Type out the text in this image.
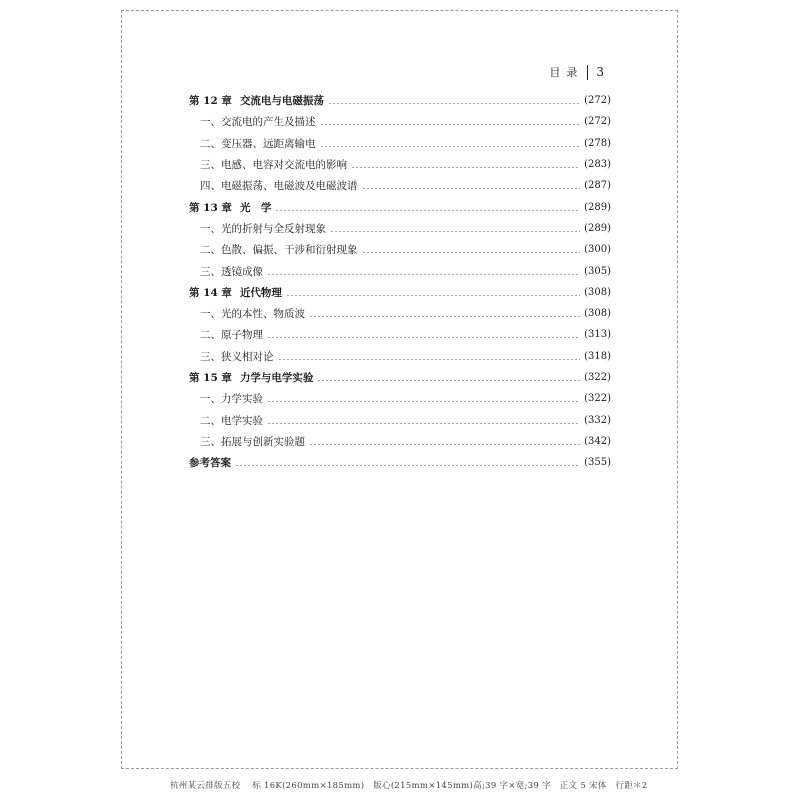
目录 3
第 12 章 交流电与电磁振荡	(272)
一、交流电的产生及描述	(272)
二、变压器、远距离输电	(278)
三、电感、电容对交流电的影响	(283)
四、电磁振荡、电磁波及电磁波谱	(287)
第 13 章 光　学	(289)
一、光的折射与全反射现象	(289)
二、色散、偏振、干涉和衍射现象	(300)
三、透镜成像	(305)
第 14 章 近代物理	(308)
一、光的本性、物质波	(308)
二、原子物理	(313)
三、狭义相对论	(318)
第 15 章 力学与电学实验	(322)
一、力学实验	(322)
二、电学实验	(332)
三、拓展与创新实验题	(342)
参考答案	(355)
杭州某云排版五校　 标 16K(260mm×185mm)　版心(215mm×145mm)高;39 字×宽;39 字　正文 5 宋体　行距＊2
